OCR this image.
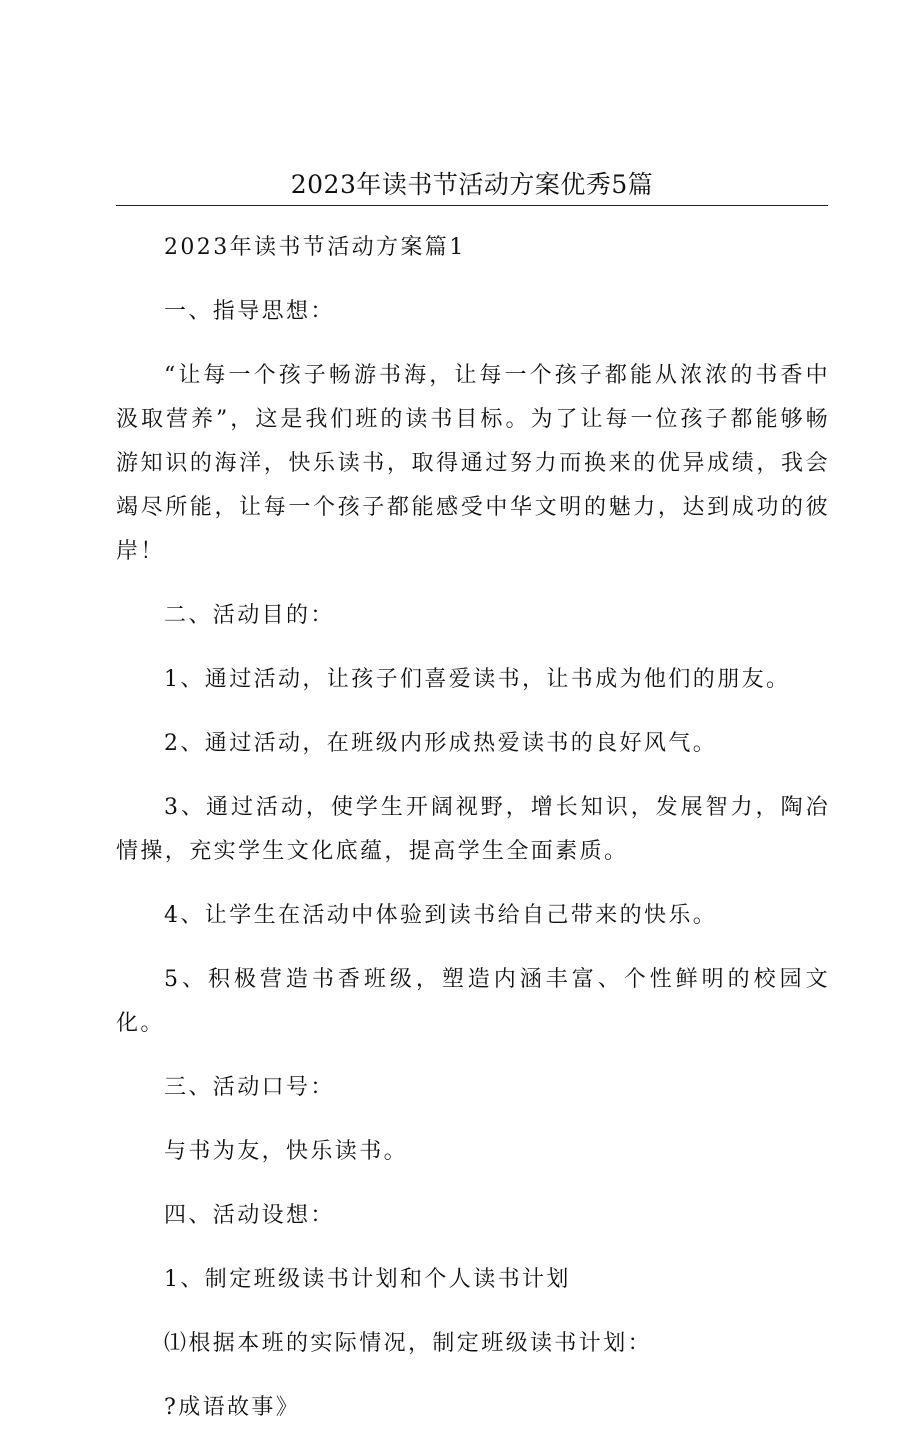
2023年读书节活动方案优秀5篇

2023年读书节活动方案篇1

一、指导思想：

“让每一个孩子畅游书海，让每一个孩子都能从浓浓的书香中汲取营养”，这是我们班的读书目标。为了让每一位孩子都能够畅游知识的海洋，快乐读书，取得通过努力而换来的优异成绩，我会竭尽所能，让每一个孩子都能感受中华文明的魅力，达到成功的彼岸！

二、活动目的：

1、通过活动，让孩子们喜爱读书，让书成为他们的朋友。

2、通过活动，在班级内形成热爱读书的良好风气。

3、通过活动，使学生开阔视野，增长知识，发展智力，陶冶情操，充实学生文化底蕴，提高学生全面素质。

4、让学生在活动中体验到读书给自己带来的快乐。

5、积极营造书香班级，塑造内涵丰富、个性鲜明的校园文化。

三、活动口号：

与书为友，快乐读书。

四、活动设想：

1、制定班级读书计划和个人读书计划

⑴根据本班的实际情况，制定班级读书计划：

?成语故事》
